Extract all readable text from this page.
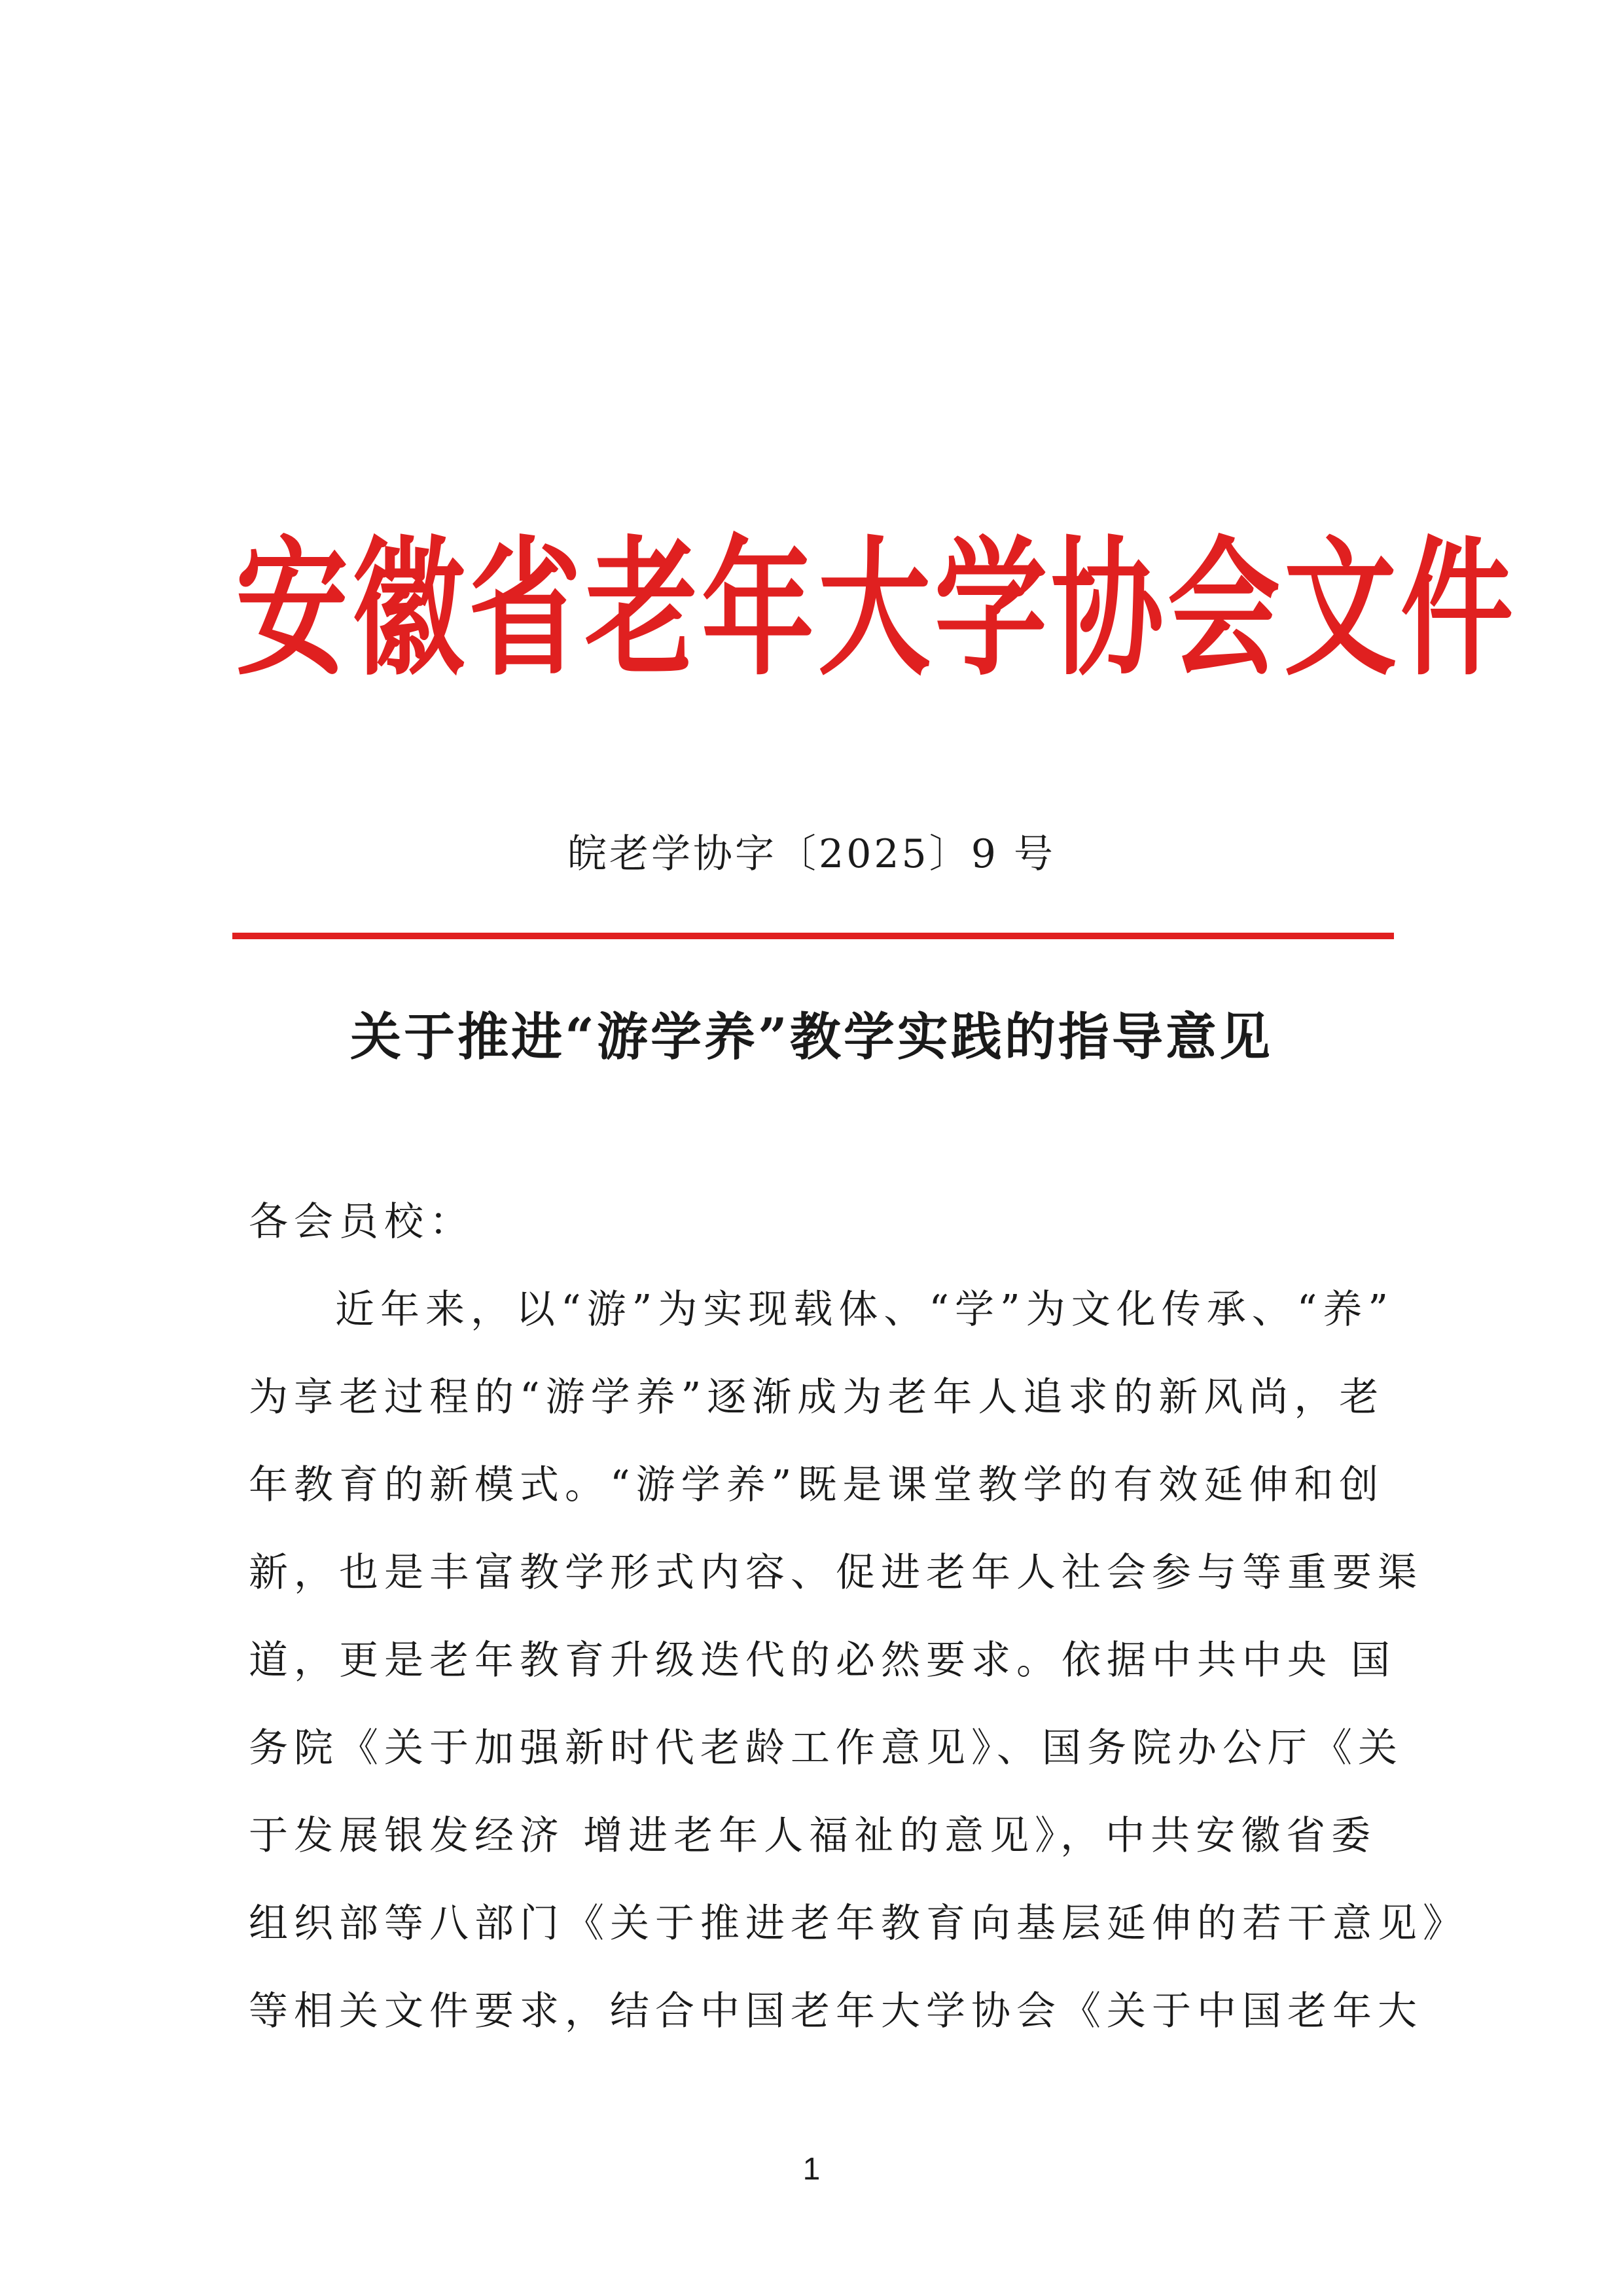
安徽省老年大学协会文件
皖老学协字〔2025〕9 号
关于推进“游学养”教学实践的指导意见
各会员校：
近年来，以“游”为实现载体、“学”为文化传承、“养”
为享老过程的“游学养”逐渐成为老年人追求的新风尚，老
年教育的新模式。“游学养”既是课堂教学的有效延伸和创
新，也是丰富教学形式内容、促进老年人社会参与等重要渠
道，更是老年教育升级迭代的必然要求。依据中共中央 国
务院《关于加强新时代老龄工作意见》、国务院办公厅《关
于发展银发经济 增进老年人福祉的意见》，中共安徽省委
组织部等八部门《关于推进老年教育向基层延伸的若干意见》
等相关文件要求，结合中国老年大学协会《关于中国老年大
1
